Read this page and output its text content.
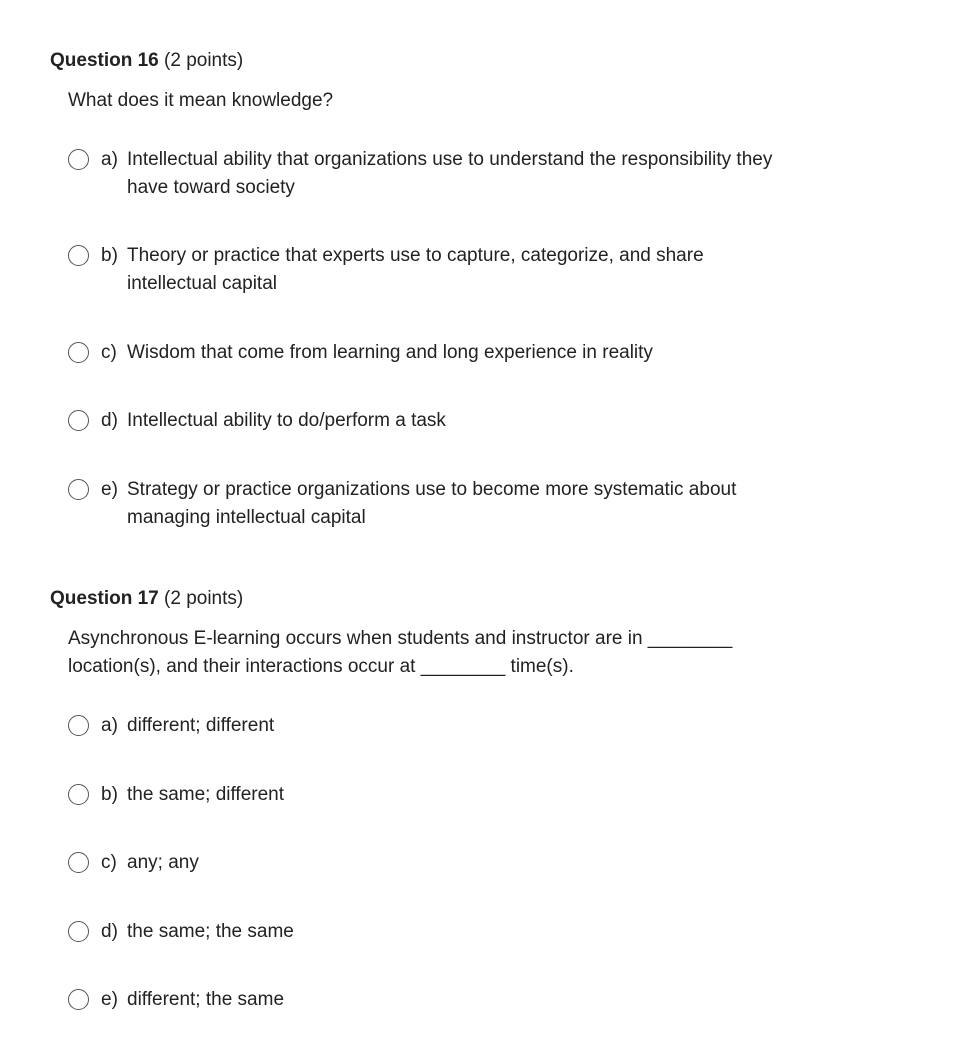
Question 16 (2 points)

What does it mean knowledge?

a) Intellectual ability that organizations use to understand the responsibility they have toward society
b) Theory or practice that experts use to capture, categorize, and share intellectual capital
c) Wisdom that come from learning and long experience in reality
d) Intellectual ability to do/perform a task
e) Strategy or practice organizations use to become more systematic about managing intellectual capital

Question 17 (2 points)

Asynchronous E-learning occurs when students and instructor are in ________ location(s), and their interactions occur at ________ time(s).

a) different; different
b) the same; different
c) any; any
d) the same; the same
e) different; the same
